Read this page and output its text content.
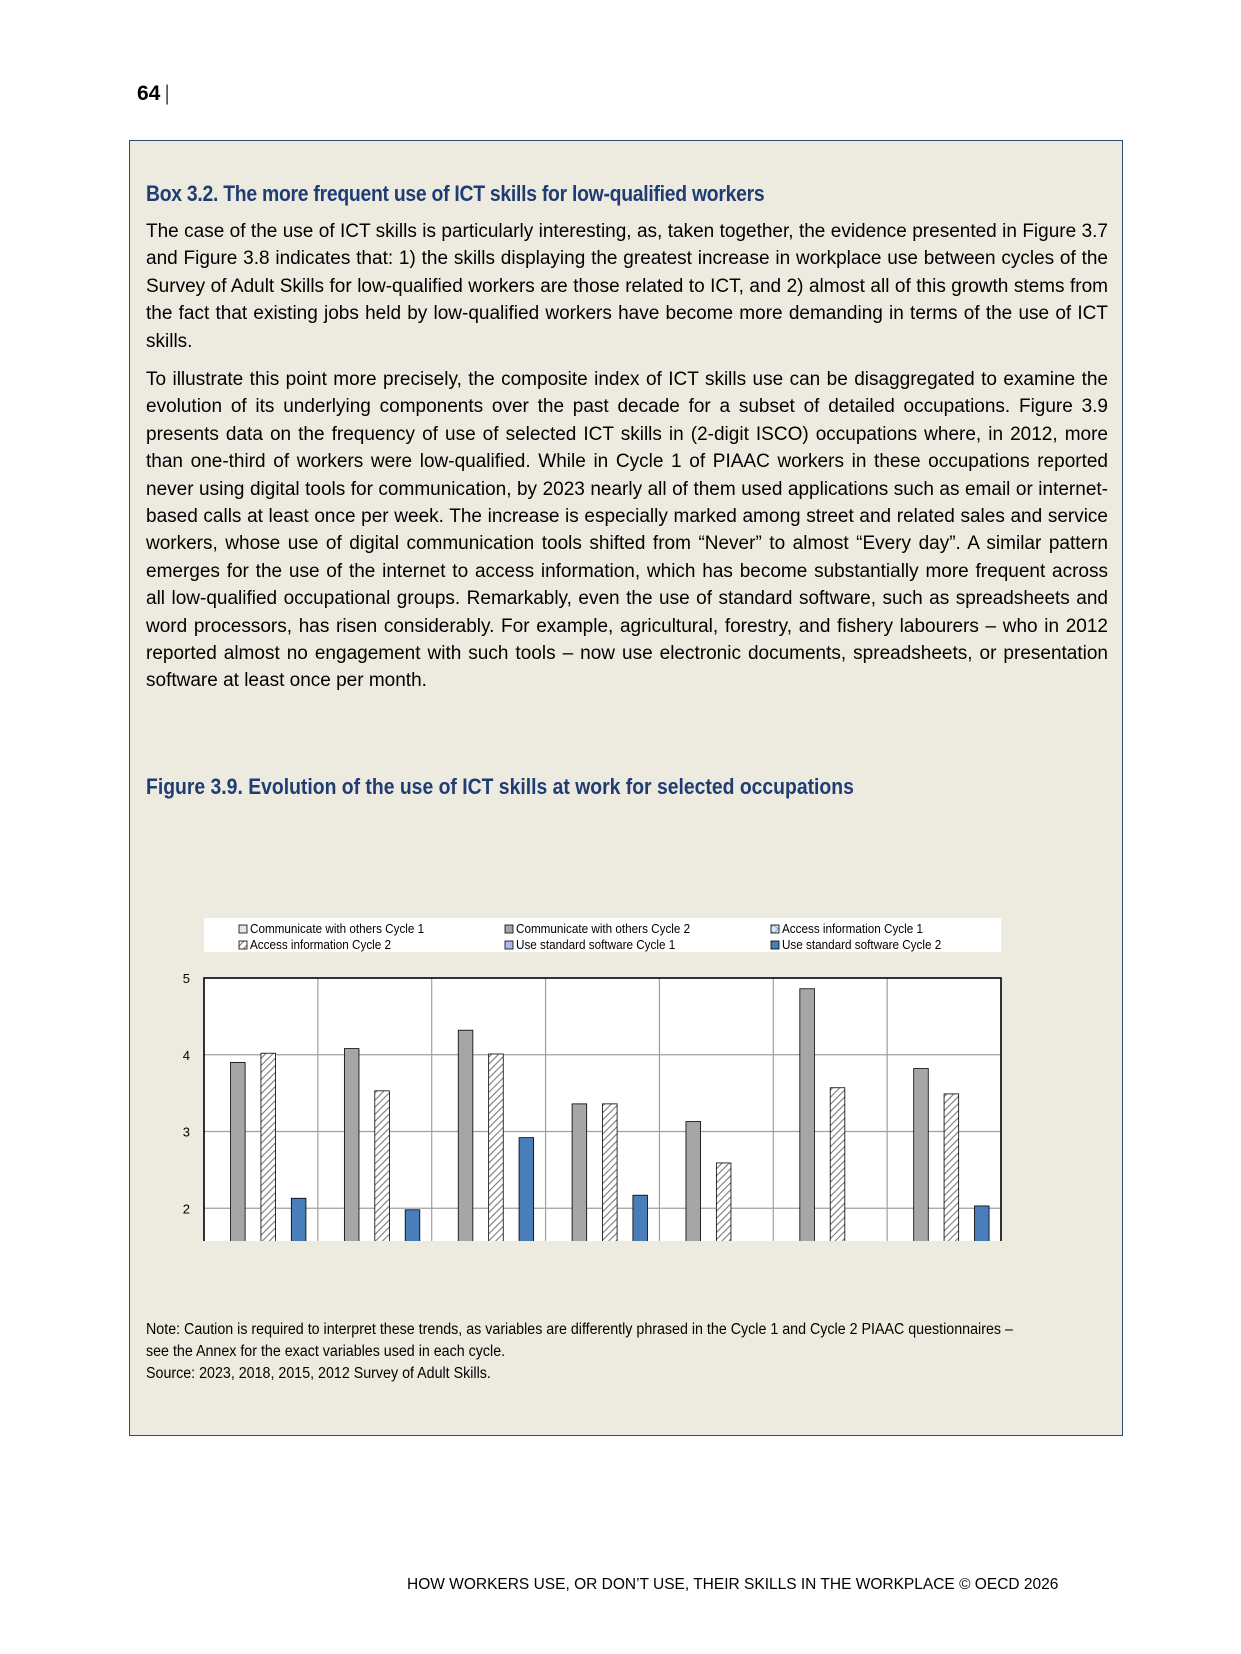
64 |
Box 3.2. The more frequent use of ICT skills for low-qualified workers

The case of the use of ICT skills is particularly interesting, as, taken together, the evidence presented in Figure 3.7 and Figure 3.8 indicates that: 1) the skills displaying the greatest increase in workplace use between cycles of the Survey of Adult Skills for low-qualified workers are those related to ICT, and 2) almost all of this growth stems from the fact that existing jobs held by low-qualified workers have become more demanding in terms of the use of ICT skills.

To illustrate this point more precisely, the composite index of ICT skills use can be disaggregated to examine the evolution of its underlying components over the past decade for a subset of detailed occupations. Figure 3.9 presents data on the frequency of use of selected ICT skills in (2-digit ISCO) occupations where, in 2012, more than one-third of workers were low-qualified. While in Cycle 1 of PIAAC workers in these occupations reported never using digital tools for communication, by 2023 nearly all of them used applications such as email or internet-based calls at least once per week. The increase is especially marked among street and related sales and service workers, whose use of digital communication tools shifted from “Never” to almost “Every day”. A similar pattern emerges for the use of the internet to access information, which has become substantially more frequent across all low-qualified occupational groups. Remarkably, even the use of standard software, such as spreadsheets and word processors, has risen considerably. For example, agricultural, forestry, and fishery labourers – who in 2012 reported almost no engagement with such tools – now use electronic documents, spreadsheets, or presentation software at least once per month.

Figure 3.9. Evolution of the use of ICT skills at work for selected occupations
Communicate with others Cycle 1	Communicate with others Cycle 2	Access information Cycle 1
Access information Cycle 2	Use standard software Cycle 1	Use standard software Cycle 2
2
3
4
5
Note: Caution is required to interpret these trends, as variables are differently phrased in the Cycle 1 and Cycle 2 PIAAC questionnaires –
see the Annex for the exact variables used in each cycle.
Source: 2023, 2018, 2015, 2012 Survey of Adult Skills.
HOW WORKERS USE, OR DON’T USE, THEIR SKILLS IN THE WORKPLACE © OECD 2026
